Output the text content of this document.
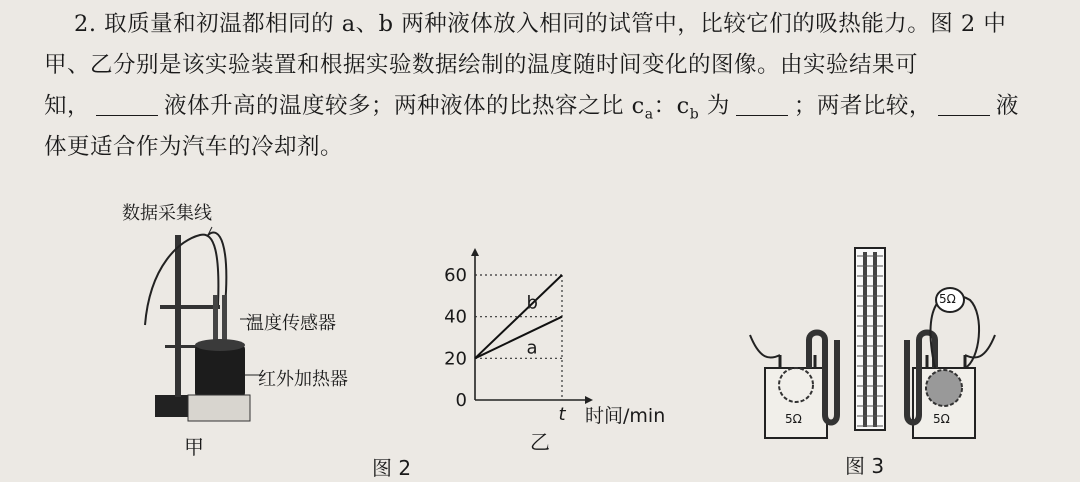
2. 取质量和初温都相同的 a、b 两种液体放入相同的试管中，比较它们的吸热能力。图 2 中
甲、乙分别是该实验装置和根据实验数据绘制的温度随时间变化的图像。由实验结果可
知，	液体升高的温度较多；两种液体的比热容之比 $c_a$：$c_b$ 为	；两者比较，	液
体更适合作为汽车的冷却剂。
数据采集线
温度传感器
红外加热器
甲
0
20
40
60
t 时间/min
b
a
乙
图 2
5Ω
5Ω	5Ω
图 3
